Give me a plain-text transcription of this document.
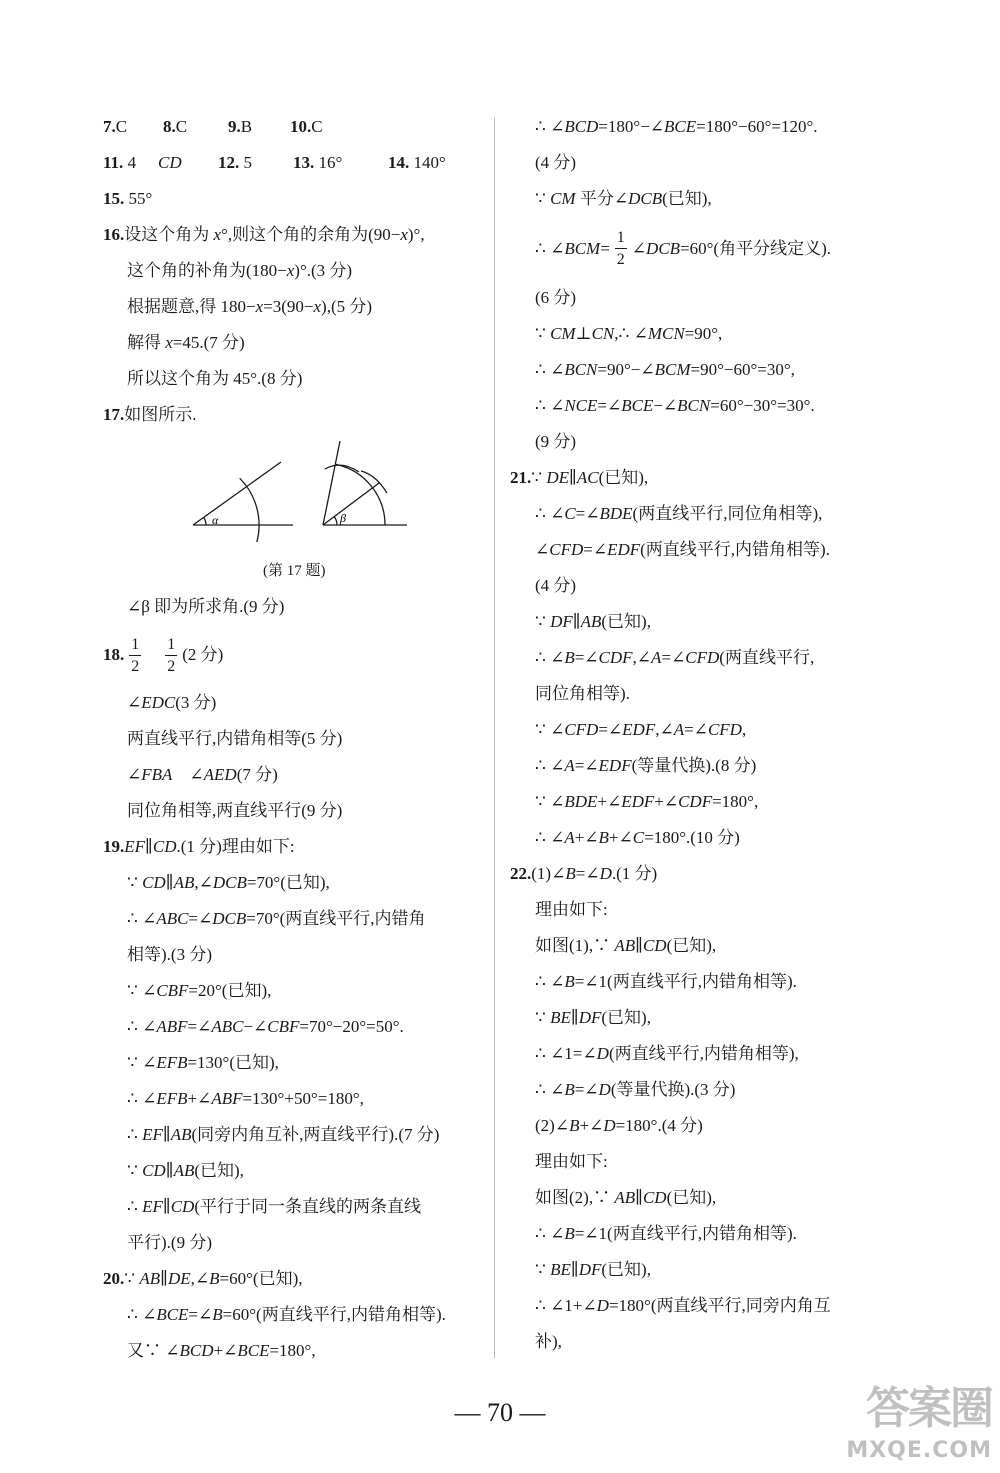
7.C 8.C 9.B 10.C
11. 4 CD 12. 5 13. 16°	14. 140°
15. 55°
16.设这个角为 x°,则这个角的余角为(90−x)°,
这个角的补角为(180−x)°.(3 分)
根据题意,得 180−x=3(90−x),(5 分)
解得 x=45.(7 分)
所以这个角为 45°.(8 分)
17.如图所示.
α	β
(第 17 题)
∠β 即为所求角.(9 分)
18. $\frac{1}{2} \frac{1}{2} (2$ 分)
∠EDC(3 分)
两直线平行,内错角相等(5 分)
∠FBA    ∠AED(7 分)
同位角相等,两直线平行(9 分)
19.EF∥CD.(1 分)理由如下:
∵ CD∥AB,∠DCB=70°(已知),
∴ ∠ABC=∠DCB=70°(两直线平行,内错角
相等).(3 分)
∵ ∠CBF=20°(已知),
∴ ∠ABF=∠ABC−∠CBF=70°−20°=50°.
∵ ∠EFB=130°(已知),
∴ ∠EFB+∠ABF=130°+50°=180°,
∴ EF∥AB(同旁内角互补,两直线平行).(7 分)
∵ CD∥AB(已知),
∴ EF∥CD(平行于同一条直线的两条直线
平行).(9 分)
20.∵ AB∥DE,∠B=60°(已知),
∴ ∠BCE=∠B=60°(两直线平行,内错角相等).
又∵ ∠BCD+∠BCE=180°,
∴ ∠BCD=180°−∠BCE=180°−60°=120°.
(4 分)
∵ CM 平分∠DCB(已知),
∴ ∠BCM= $\frac{1}{2}$ ∠DCB=60°(角平分线定义).
(6 分)
∵ CM⊥CN,∴ ∠MCN=90°,
∴ ∠BCN=90°−∠BCM=90°−60°=30°,
∴ ∠NCE=∠BCE−∠BCN=60°−30°=30°.
(9 分)
21.∵ DE∥AC(已知),
∴ ∠C=∠BDE(两直线平行,同位角相等),
∠CFD=∠EDF(两直线平行,内错角相等).
(4 分)
∵ DF∥AB(已知),
∴ ∠B=∠CDF,∠A=∠CFD(两直线平行,
同位角相等).
∵ ∠CFD=∠EDF,∠A=∠CFD,
∴ ∠A=∠EDF(等量代换).(8 分)
∵ ∠BDE+∠EDF+∠CDF=180°,
∴ ∠A+∠B+∠C=180°.(10 分)
22.(1)∠B=∠D.(1 分)
理由如下:
如图(1),∵ AB∥CD(已知),
∴ ∠B=∠1(两直线平行,内错角相等).
∵ BE∥DF(已知),
∴ ∠1=∠D(两直线平行,内错角相等),
∴ ∠B=∠D(等量代换).(3 分)
(2)∠B+∠D=180°.(4 分)
理由如下:
如图(2),∵ AB∥CD(已知),
∴ ∠B=∠1(两直线平行,内错角相等).
∵ BE∥DF(已知),
∴ ∠1+∠D=180°(两直线平行,同旁内角互
补),
— 70 —	答案圈
MXQE.COM
